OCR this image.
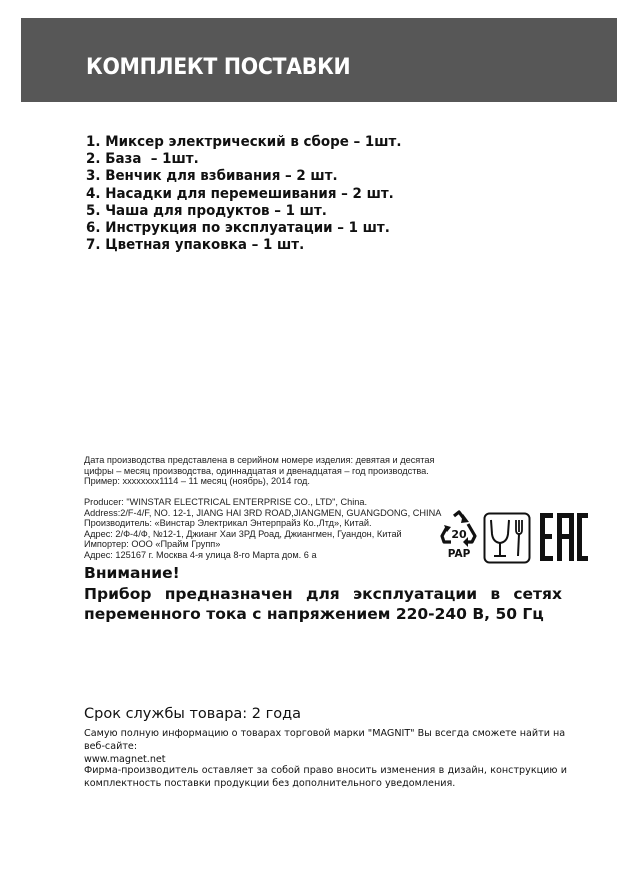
КОМПЛЕКТ ПОСТАВКИ
1. Миксер электрический в сборе – 1шт.
2. База  – 1шт.
3. Венчик для взбивания – 2 шт.
4. Насадки для перемешивания – 2 шт.
5. Чаша для продуктов – 1 шт.
6. Инструкция по эксплуатации – 1 шт.
7. Цветная упаковка – 1 шт.
Дата производства представлена в серийном номере изделия: девятая и десятая
цифры – месяц производства, одиннадцатая и двенадцатая – год производства.
Пример: xxxxxxxx1114 – 11 месяц (ноябрь), 2014 год.
Producer: "WINSTAR ELECTRICAL ENTERPRISE CO., LTD", China.
Address:2/F-4/F, NO. 12-1, JIANG HAI 3RD ROAD,JIANGMEN, GUANGDONG, CHINA
Производитель: «Винстар Электрикал Энтерпрайз Ко.,Лтд», Китай.
Адрес: 2/Ф-4/Ф, №12-1, Джианг Хаи 3РД Роад, Джиангмен, Гуандон, Китай
Импортер: ООО «Прайм Групп»
Адрес: 125167 г. Москва 4-я улица 8-го Марта дом. 6 а
20
PAP
Внимание!
Прибор предназначен для эксплуатации в сетях переменного тока с напряжением 220-240 В, 50 Гц
Срок службы товара: 2 года
Самую полную информацию о товарах торговой марки "MAGNIT" Вы всегда сможете найти на веб-сайте:
www.magnet.net
Фирма-производитель оставляет за собой право вносить изменения в дизайн, конструкцию и комплектность поставки продукции без дополнительного уведомления.
